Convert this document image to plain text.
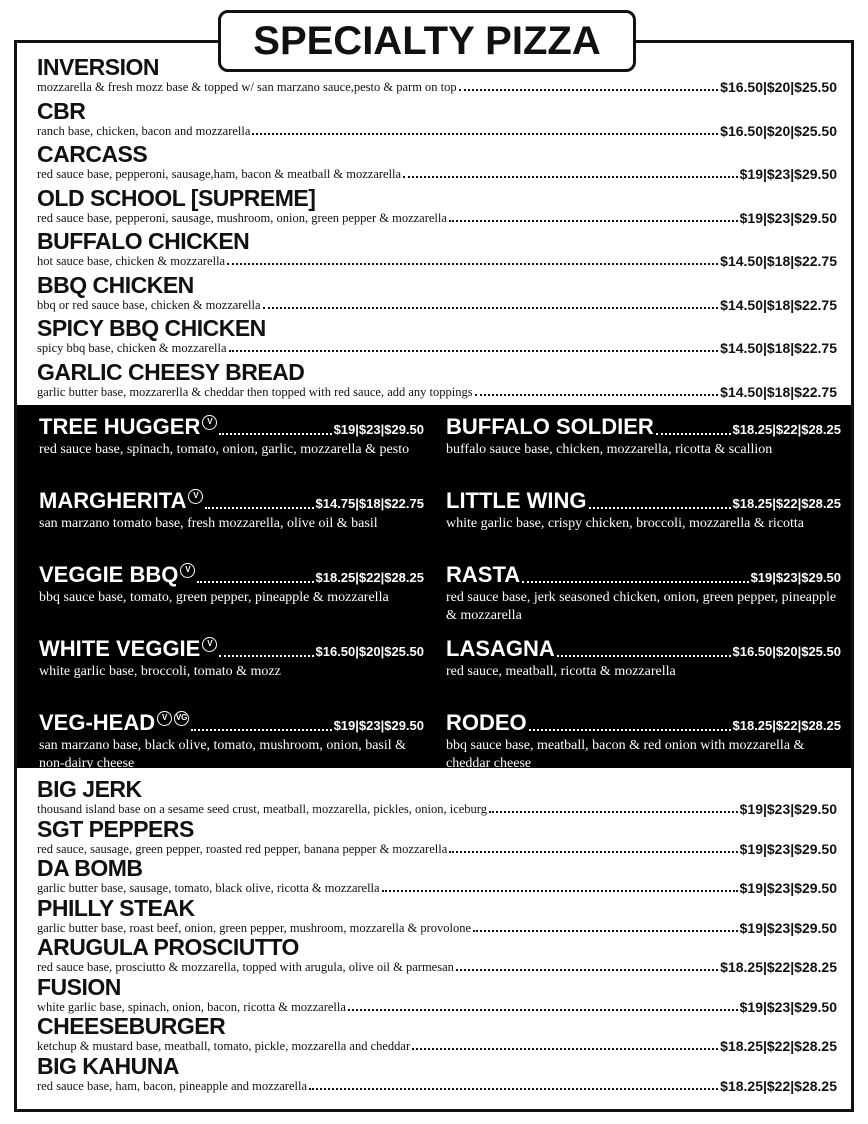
SPECIALTY PIZZA
INVERSION
mozzarella & fresh mozz base & topped w/ san marzano sauce,pesto & parm on top	$16.50|$20|$25.50
CBR
ranch base, chicken, bacon and mozzarella	$16.50|$20|$25.50
CARCASS
red sauce base, pepperoni, sausage,ham, bacon & meatball & mozzarella	$19|$23|$29.50
OLD SCHOOL [SUPREME]
red sauce base, pepperoni, sausage, mushroom, onion, green pepper & mozzarella	$19|$23|$29.50
BUFFALO CHICKEN
hot sauce base, chicken & mozzarella	$14.50|$18|$22.75
BBQ CHICKEN
bbq or red sauce base, chicken & mozzarella	$14.50|$18|$22.75
SPICY BBQ CHICKEN
spicy bbq base, chicken & mozzarella	$14.50|$18|$22.75
GARLIC CHEESY BREAD
garlic butter base, mozzarerlla & cheddar then topped with red sauce, add any toppings	$14.50|$18|$22.75
TREE HUGGER V
$19|$23|$29.50
red sauce base, spinach, tomato, onion, garlic, mozzarella & pesto
MARGHERITA V
$14.75|$18|$22.75
san marzano tomato base, fresh mozzarella, olive oil & basil
VEGGIE BBQ V
$18.25|$22|$28.25
bbq sauce base, tomato, green pepper, pineapple & mozzarella
WHITE VEGGIE V
$16.50|$20|$25.50
white garlic base, broccoli, tomato & mozz
VEG-HEAD V VG
$19|$23|$29.50
san marzano base, black olive, tomato, mushroom, onion, basil & non-dairy cheese
BUFFALO SOLDIER	$18.25|$22|$28.25
buffalo sauce base, chicken, mozzarella, ricotta & scallion
LITTLE WING	$18.25|$22|$28.25
white garlic base, crispy chicken, broccoli, mozzarella & ricotta
RASTA	$19|$23|$29.50
red sauce base, jerk seasoned chicken, onion, green pepper, pineapple & mozzarella
LASAGNA	$16.50|$20|$25.50
red sauce, meatball, ricotta & mozzarella
RODEO	$18.25|$22|$28.25
bbq sauce base, meatball, bacon & red onion with mozzarella & cheddar cheese
BIG JERK
thousand island base on a sesame seed crust, meatball, mozzarella, pickles, onion, iceburg	$19|$23|$29.50
SGT PEPPERS
red sauce, sausage, green pepper, roasted red pepper, banana pepper & mozzarella	$19|$23|$29.50
DA BOMB
garlic butter base, sausage, tomato, black olive, ricotta & mozzarella	$19|$23|$29.50
PHILLY STEAK
garlic butter base, roast beef, onion, green pepper, mushroom, mozzarella & provolone	$19|$23|$29.50
ARUGULA PROSCIUTTO
red sauce base, prosciutto & mozzarella, topped with arugula, olive oil & parmesan	$18.25|$22|$28.25
FUSION
white garlic base, spinach, onion, bacon, ricotta & mozzarella	$19|$23|$29.50
CHEESEBURGER
ketchup & mustard base, meatball, tomato, pickle, mozzarella and cheddar	$18.25|$22|$28.25
BIG KAHUNA
red sauce base, ham, bacon, pineapple and mozzarella	$18.25|$22|$28.25
